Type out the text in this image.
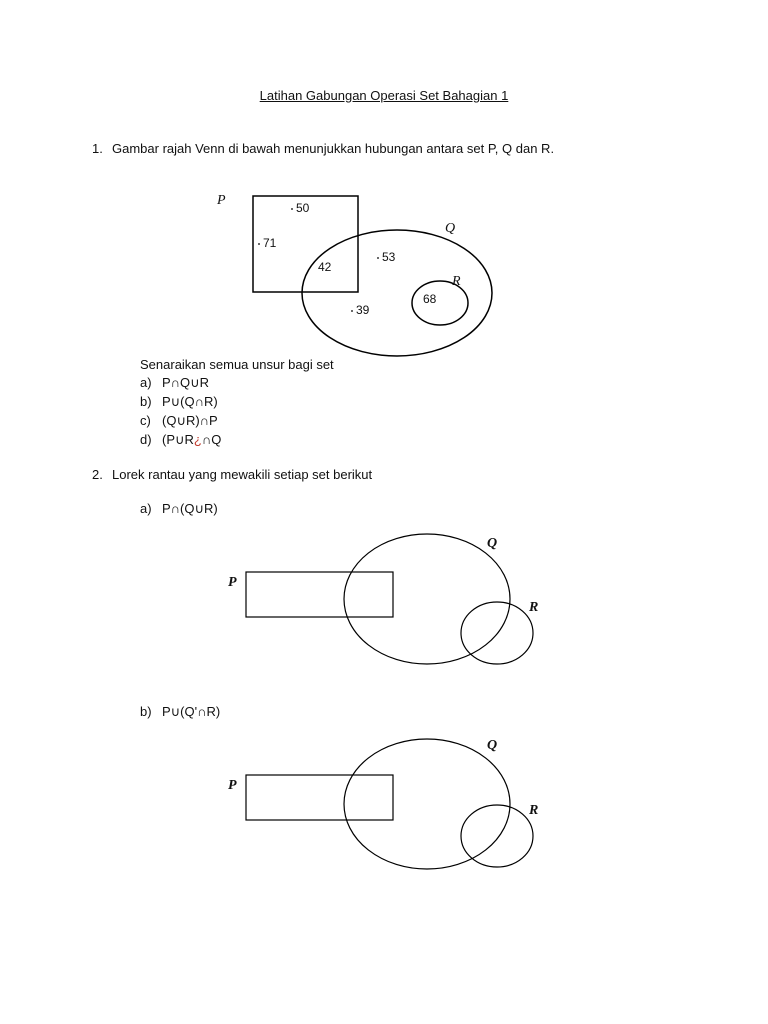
Latihan Gabungan Operasi Set Bahagian 1
1. Gambar rajah Venn di bawah menunjukkan hubungan antara set P, Q dan R.
P
Q
R
50
71
42
53
68
39
Senaraikan semua unsur bagi set
a) P∩Q∪R
b) P∪(Q∩R)
c) (Q∪R)∩P
d) (P∪R¿∩Q
2. Lorek rantau yang mewakili setiap set berikut
a) P∩(Q∪R)
P
Q
R
b) P∪(Q'∩R)
P
Q
R
